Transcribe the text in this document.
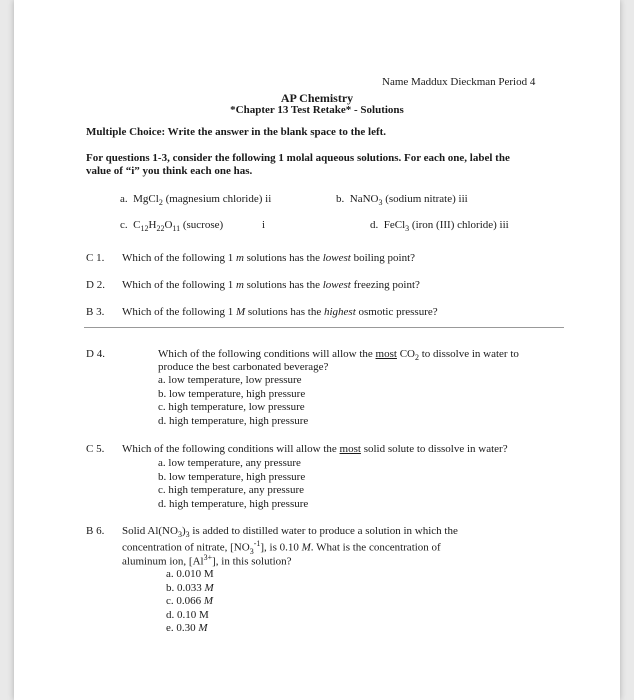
Name Maddux Dieckman Period 4
AP Chemistry
*Chapter 13 Test Retake* - Solutions
Multiple Choice: Write the answer in the blank space to the left.
For questions 1-3, consider the following 1 molal aqueous solutions. For each one, label the
value of “i” you think each one has.
a.  MgCl$_2$ (magnesium chloride) ii	b.  NaNO$_3$ (sodium nitrate) iii
c.  $C_{12}H_{22}O_{11}$ (sucrose)	i	d.  FeCl$_3$ (iron (III) chloride) iii
C 1. Which of the following 1 m solutions has the lowest boiling point?
D 2. Which of the following 1 m solutions has the lowest freezing point?
B 3. Which of the following 1 M solutions has the highest osmotic pressure?
D 4.	Which of the following conditions will allow the most $CO_2$ to dissolve in water to
produce the best carbonated beverage?
a. low temperature, low pressure
b. low temperature, high pressure
c. high temperature, low pressure
d. high temperature, high pressure
C 5. Which of the following conditions will allow the most solid solute to dissolve in water?
a. low temperature, any pressure
b. low temperature, high pressure
c. high temperature, any pressure
d. high temperature, high pressure
B 6. Solid $Al(NO_3)_3$ is added to distilled water to produce a solution in which the
concentration of nitrate, $[NO_3^{-1}]$, is 0.10 M. What is the concentration of
aluminum ion, $[Al^{3+}]$, in this solution?
a. 0.010 M
b. 0.033 M
c. 0.066 M
d. 0.10 M
e. 0.30 M
